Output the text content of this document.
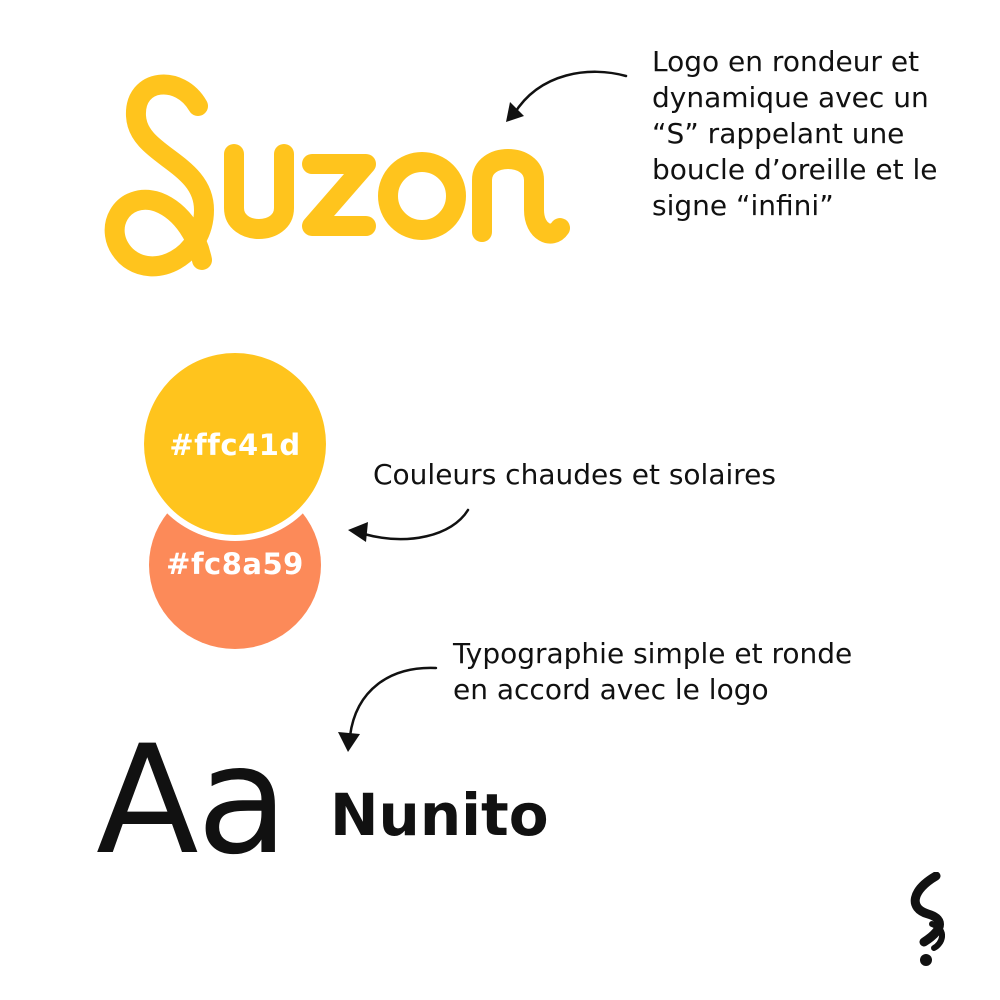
Logo en rondeur et
dynamique avec un
“S” rappelant une
boucle d’oreille et le
signe “infini”
#fc8a59
#ffc41d
Couleurs chaudes et solaires
Typographie simple et ronde
en accord avec le logo
Aa Nunito
